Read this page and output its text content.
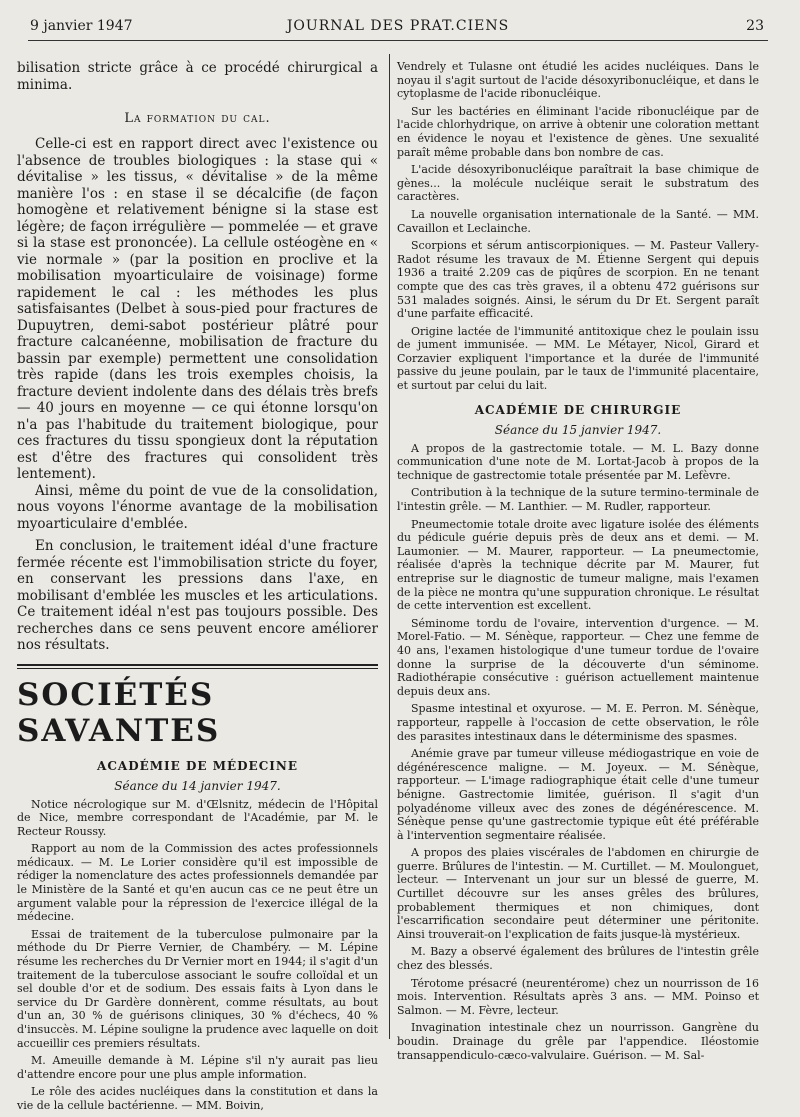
9 janvier 1947	JOURNAL DES PRAT.CIENS	23

bilisation stricte grâce à ce procédé chirurgical a minima.

La formation du cal.

Celle-ci est en rapport direct avec l'existence ou l'absence de troubles biologiques : la stase qui « dévitalise » les tissus, « dévitalise » de la même manière l'os : en stase il se décalcifie (de façon homogène et relativement bénigne si la stase est légère; de façon irrégulière — pommelée — et grave si la stase est prononcée). La cellule ostéogène en « vie normale » (par la position en proclive et la mobilisation myoarticulaire de voisinage) forme rapidement le cal : les méthodes les plus satisfaisantes (Delbet à sous-pied pour fractures de Dupuytren, demi-sabot postérieur plâtré pour fracture calcanéenne, mobilisation de fracture du bassin par exemple) permettent une consolidation très rapide (dans les trois exemples choisis, la fracture devient indolente dans des délais très brefs — 40 jours en moyenne — ce qui étonne lorsqu'on n'a pas l'habitude du traitement biologique, pour ces fractures du tissu spongieux dont la réputation est d'être des fractures qui consolident très lentement).

Ainsi, même du point de vue de la consolidation, nous voyons l'énorme avantage de la mobilisation myoarticulaire d'emblée.

En conclusion, le traitement idéal d'une fracture fermée récente est l'immobilisation stricte du foyer, en conservant les pressions dans l'axe, en mobilisant d'emblée les muscles et les articulations. Ce traitement idéal n'est pas toujours possible. Des recherches dans ce sens peuvent encore améliorer nos résultats.

SOCIÉTÉS SAVANTES
ACADÉMIE DE MÉDECINE
Séance du 14 janvier 1947.

Notice nécrologique sur M. d'Œlsnitz, médecin de l'Hôpital de Nice, membre correspondant de l'Académie, par M. le Recteur Roussy.

Rapport au nom de la Commission des actes professionnels médicaux. — M. Le Lorier considère qu'il est impossible de rédiger la nomenclature des actes professionnels demandée par le Ministère de la Santé et qu'en aucun cas ce ne peut être un argument valable pour la répression de l'exercice illégal de la médecine.

Essai de traitement de la tuberculose pulmonaire par la méthode du Dr Pierre Vernier, de Chambéry. — M. Lépine résume les recherches du Dr Vernier mort en 1944; il s'agit d'un traitement de la tuberculose associant le soufre colloïdal et un sel double d'or et de sodium. Des essais faits à Lyon dans le service du Dr Gardère donnèrent, comme résultats, au bout d'un an, 30 % de guérisons cliniques, 30 % d'échecs, 40 % d'insuccès. M. Lépine souligne la prudence avec laquelle on doit accueillir ces premiers résultats.

M. Ameuille demande à M. Lépine s'il n'y aurait pas lieu d'attendre encore pour une plus ample information.

Le rôle des acides nucléiques dans la constitution et dans la vie de la cellule bactérienne. — MM. Boivin,

Vendrely et Tulasne ont étudié les acides nucléiques. Dans le noyau il s'agit surtout de l'acide désoxyribonucléique, et dans le cytoplasme de l'acide ribonucléique.

Sur les bactéries en éliminant l'acide ribonucléique par de l'acide chlorhydrique, on arrive à obtenir une coloration mettant en évidence le noyau et l'existence de gènes. Une sexualité paraît même probable dans bon nombre de cas.

L'acide désoxyribonucléique paraîtrait la base chimique de gènes... la molécule nucléique serait le substratum des caractères.

La nouvelle organisation internationale de la Santé. — MM. Cavaillon et Leclainche.

Scorpions et sérum antiscorpioniques. — M. Pasteur Vallery-Radot résume les travaux de M. Étienne Sergent qui depuis 1936 a traité 2.209 cas de piqûres de scorpion. En ne tenant compte que des cas très graves, il a obtenu 472 guérisons sur 531 malades soignés. Ainsi, le sérum du Dr Et. Sergent paraît d'une parfaite efficacité.

Origine lactée de l'immunité antitoxique chez le poulain issu de jument immunisée. — MM. Le Métayer, Nicol, Girard et Corzavier expliquent l'importance et la durée de l'immunité passive du jeune poulain, par le taux de l'immunité placentaire, et surtout par celui du lait.

ACADÉMIE DE CHIRURGIE
Séance du 15 janvier 1947.

A propos de la gastrectomie totale. — M. L. Bazy donne communication d'une note de M. Lortat-Jacob à propos de la technique de gastrectomie totale présentée par M. Lefèvre.

Contribution à la technique de la suture termino-terminale de l'intestin grêle. — M. Lanthier. — M. Rudler, rapporteur.

Pneumectomie totale droite avec ligature isolée des éléments du pédicule guérie depuis près de deux ans et demi. — M. Laumonier. — M. Maurer, rapporteur. — La pneumectomie, réalisée d'après la technique décrite par M. Maurer, fut entreprise sur le diagnostic de tumeur maligne, mais l'examen de la pièce ne montra qu'une suppuration chronique. Le résultat de cette intervention est excellent.

Séminome tordu de l'ovaire, intervention d'urgence. — M. Morel-Fatio. — M. Sénèque, rapporteur. — Chez une femme de 40 ans, l'examen histologique d'une tumeur tordue de l'ovaire donne la surprise de la découverte d'un séminome. Radiothérapie consécutive : guérison actuellement maintenue depuis deux ans.

Spasme intestinal et oxyurose. — M. E. Perron. M. Sénèque, rapporteur, rappelle à l'occasion de cette observation, le rôle des parasites intestinaux dans le déterminisme des spasmes.

Anémie grave par tumeur villeuse médiogastrique en voie de dégénérescence maligne. — M. Joyeux. — M. Sénèque, rapporteur. — L'image radiographique était celle d'une tumeur bénigne. Gastrectomie limitée, guérison. Il s'agit d'un polyadénome villeux avec des zones de dégénérescence. M. Sénèque pense qu'une gastrectomie typique eût été préférable à l'intervention segmentaire réalisée.

A propos des plaies viscérales de l'abdomen en chirurgie de guerre. Brûlures de l'intestin. — M. Curtillet. — M. Moulonguet, lecteur. — Intervenant un jour sur un blessé de guerre, M. Curtillet découvre sur les anses grêles des brûlures, probablement thermiques et non chimiques, dont l'escarrification secondaire peut déterminer une péritonite. Ainsi trouverait-on l'explication de faits jusque-là mystérieux.

M. Bazy a observé également des brûlures de l'intestin grêle chez des blessés.

Térotome présacré (neurentérome) chez un nourrisson de 16 mois. Intervention. Résultats après 3 ans. — MM. Poinso et Salmon. — M. Fèvre, lecteur.

Invagination intestinale chez un nourrisson. Gangrène du boudin. Drainage du grêle par l'appendice. Iléostomie transappendiculo-cæco-valvulaire. Guérison. — M. Sal-
